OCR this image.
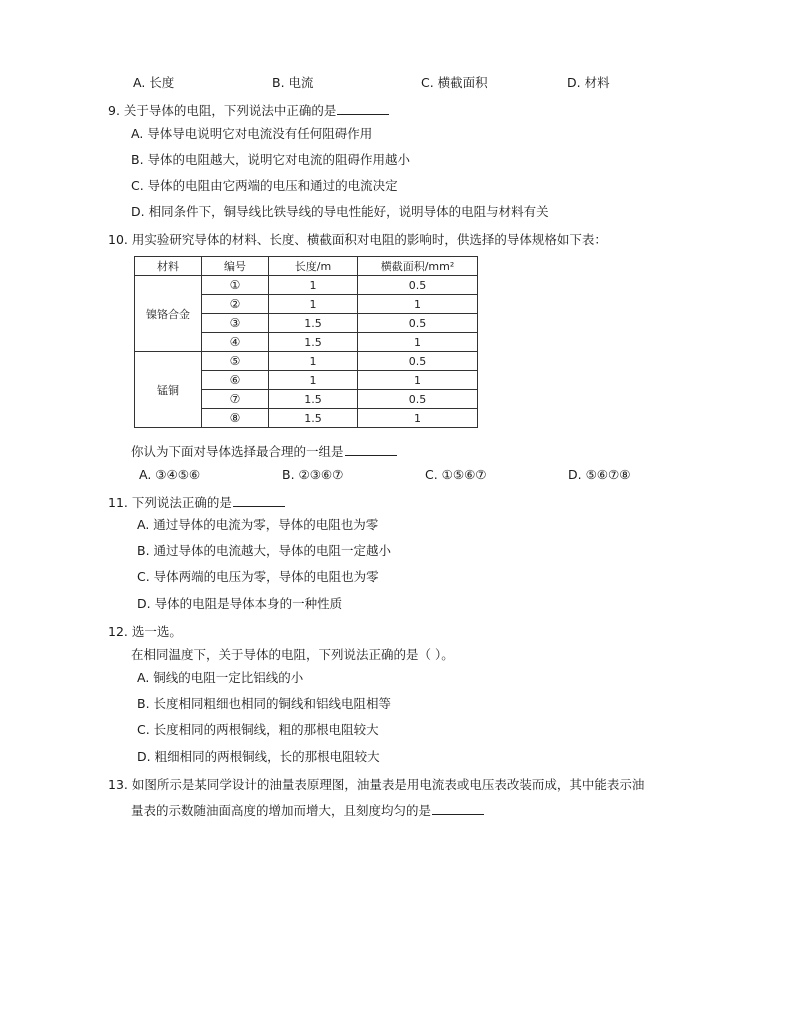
A. 长度	B. 电流	C. 横截面积	D. 材料
9. 关于导体的电阻，下列说法中正确的是
A. 导体导电说明它对电流没有任何阻碍作用
B. 导体的电阻越大，说明它对电流的阻碍作用越小
C. 导体的电阻由它两端的电压和通过的电流决定
D. 相同条件下，铜导线比铁导线的导电性能好，说明导体的电阻与材料有关
10. 用实验研究导体的材料、长度、横截面积对电阻的影响时，供选择的导体规格如下表：
材料	编号	长度/m	横截面积/mm²
镍铬合金	①	1	0.5
	②	1	1
	③	1.5	0.5
	④	1.5	1
锰铜	⑤	1	0.5
	⑥	1	1
	⑦	1.5	0.5
	⑧	1.5	1
你认为下面对导体选择最合理的一组是
A. ③④⑤⑥	B. ②③⑥⑦	C. ①⑤⑥⑦	D. ⑤⑥⑦⑧
11. 下列说法正确的是
A. 通过导体的电流为零，导体的电阻也为零
B. 通过导体的电流越大，导体的电阻一定越小
C. 导体两端的电压为零，导体的电阻也为零
D. 导体的电阻是导体本身的一种性质
12. 选一选。
在相同温度下，关于导体的电阻，下列说法正确的是（ ）。
A. 铜线的电阻一定比铝线的小
B. 长度相同粗细也相同的铜线和铝线电阻相等
C. 长度相同的两根铜线，粗的那根电阻较大
D. 粗细相同的两根铜线，长的那根电阻较大
13. 如图所示是某同学设计的油量表原理图，油量表是用电流表或电压表改装而成，其中能表示油
量表的示数随油面高度的增加而增大，且刻度均匀的是
